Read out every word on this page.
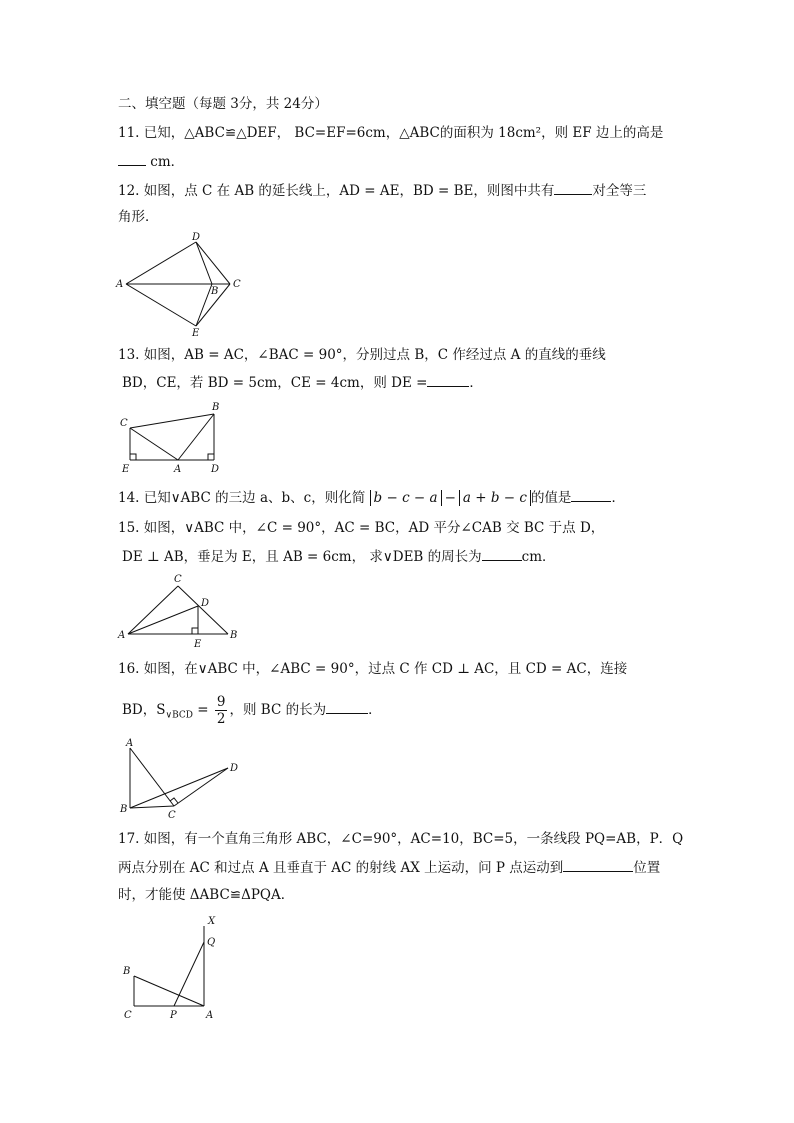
二、填空题（每题 3分，共 24分）
11. 已知，△ABC≌△DEF， BC=EF=6cm，△ABC的面积为 18cm²，则 EF 边上的高是
cm．
12. 如图，点 C 在 AB 的延长线上，AD = AE，BD = BE，则图中共有	对全等三
角形．
D
A
B
C
E
13. 如图，AB = AC，∠BAC = 90°，分别过点 B，C 作经过点 A 的直线的垂线
BD，CE，若 BD = 5cm，CE = 4cm，则 DE =	．
C
B
E	A	D
14. 已知∨ABC 的三边 a、b、c，则化简 b − c − a − a + b − c 的值是	．
15. 如图，∨ABC 中，∠C = 90°，AC = BC，AD 平分∠CAB 交 BC 于点 D，
DE ⊥ AB，垂足为 E，且 AB = 6cm， 求∨DEB 的周长为	cm．
C
D
A
E
B
16. 如图，在∨ABC 中，∠ABC = 90°，过点 C 作 CD ⊥ AC，且 CD = AC，连接
BD，$S_{\vee BCD} = \frac{9}{2}$ ，则 BC 的长为	．
A
D
B
C
17. 如图，有一个直角三角形 ABC，∠C=90°，AC=10，BC=5，一条线段 PQ=AB，P．Q
两点分别在 AC 和过点 A 且垂直于 AC 的射线 AX 上运动，问 P 点运动到	位置
时，才能使 ΔABC≌ΔPQA．
X
Q
B
C	P	A
